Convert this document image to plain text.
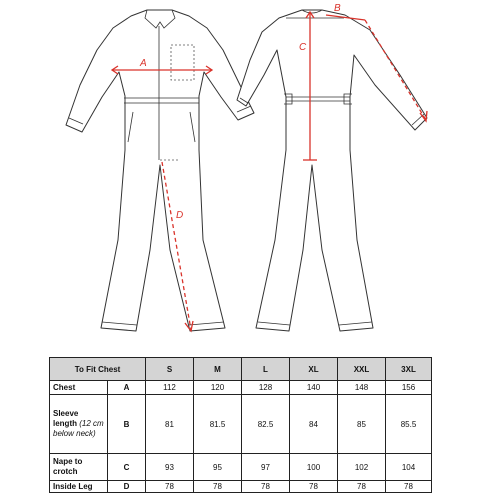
A
B
C
D
To Fit Chest		S	M	L	XL	XXL	3XL
Chest	A	112	120	128	140	148	156
Sleeve length (12 cm below neck)	B	81	81.5	82.5	84	85	85.5
Nape to crotch	C	93	95	97	100	102	104
Inside Leg	D	78	78	78	78	78	78
